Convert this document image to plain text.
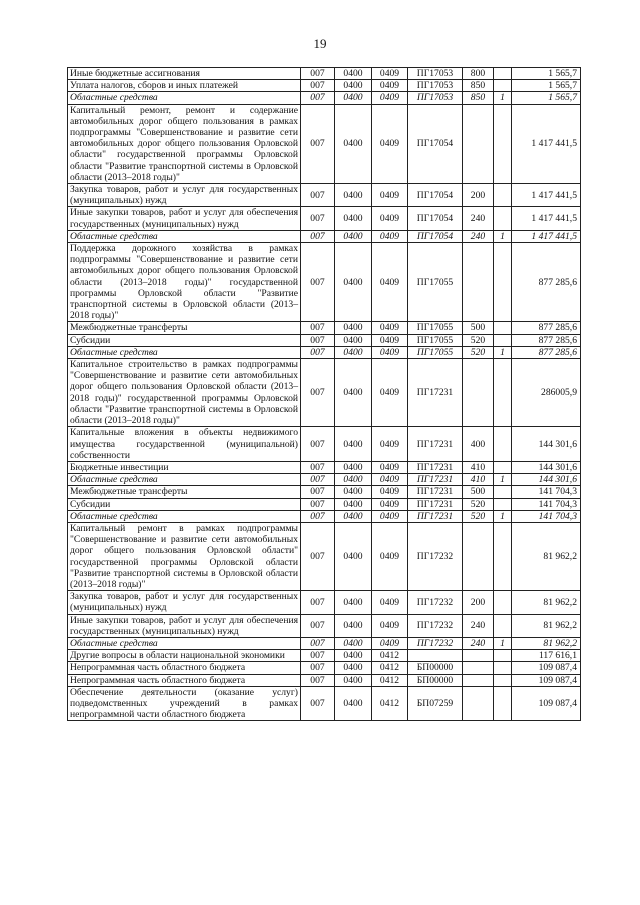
19
Иные бюджетные ассигнования	007	0400	0409	ПГ17053	800		1 565,7
Уплата налогов, сборов и иных платежей	007	0400	0409	ПГ17053	850		1 565,7
Областные средства	007	0400	0409	ПГ17053	850	1	1 565,7
Капитальный ремонт, ремонт и содержание автомобильных дорог общего пользования в рамках подпрограммы "Совершенствование и развитие сети автомобильных дорог общего пользования Орловской области" государственной программы Орловской области "Развитие транспортной системы в Орловской области (2013–2018 годы)"	007	0400	0409	ПГ17054			1 417 441,5
Закупка товаров, работ и услуг для государственных (муниципальных) нужд	007	0400	0409	ПГ17054	200		1 417 441,5
Иные закупки товаров, работ и услуг для обеспечения государственных (муниципальных) нужд	007	0400	0409	ПГ17054	240		1 417 441,5
Областные средства	007	0400	0409	ПГ17054	240	1	1 417 441,5
Поддержка дорожного хозяйства в рамках подпрограммы "Совершенствование и развитие сети автомобильных дорог общего пользования Орловской области (2013–2018 годы)" государственной программы Орловской области "Развитие транспортной системы в Орловской области (2013–2018 годы)"	007	0400	0409	ПГ17055			877 285,6
Межбюджетные трансферты	007	0400	0409	ПГ17055	500		877 285,6
Субсидии	007	0400	0409	ПГ17055	520		877 285,6
Областные средства	007	0400	0409	ПГ17055	520	1	877 285,6
Капитальное строительство в рамках подпрограммы "Совершенствование и развитие сети автомобильных дорог общего пользования Орловской области (2013–2018 годы)" государственной программы Орловской области "Развитие транспортной системы в Орловской области (2013–2018 годы)"	007	0400	0409	ПГ17231			286005,9
Капитальные вложения в объекты недвижимого имущества государственной (муниципальной) собственности	007	0400	0409	ПГ17231	400		144 301,6
Бюджетные инвестиции	007	0400	0409	ПГ17231	410		144 301,6
Областные средства	007	0400	0409	ПГ17231	410	1	144 301,6
Межбюджетные трансферты	007	0400	0409	ПГ17231	500		141 704,3
Субсидии	007	0400	0409	ПГ17231	520		141 704,3
Областные средства	007	0400	0409	ПГ17231	520	1	141 704,3
Капитальный ремонт в рамках подпрограммы "Совершенствование и развитие сети автомобильных дорог общего пользования Орловской области" государственной программы Орловской области "Развитие транспортной системы в Орловской области (2013–2018 годы)"	007	0400	0409	ПГ17232			81 962,2
Закупка товаров, работ и услуг для государственных (муниципальных) нужд	007	0400	0409	ПГ17232	200		81 962,2
Иные закупки товаров, работ и услуг для обеспечения государственных (муниципальных) нужд	007	0400	0409	ПГ17232	240		81 962,2
Областные средства	007	0400	0409	ПГ17232	240	1	81 962,2
Другие вопросы в области национальной экономики	007	0400	0412				117 616,1
Непрограммная часть областного бюджета	007	0400	0412	БП00000			109 087,4
Непрограммная часть областного бюджета	007	0400	0412	БП00000			109 087,4
Обеспечение деятельности (оказание услуг) подведомственных учреждений в рамках непрограммной части областного бюджета	007	0400	0412	БП07259			109 087,4
